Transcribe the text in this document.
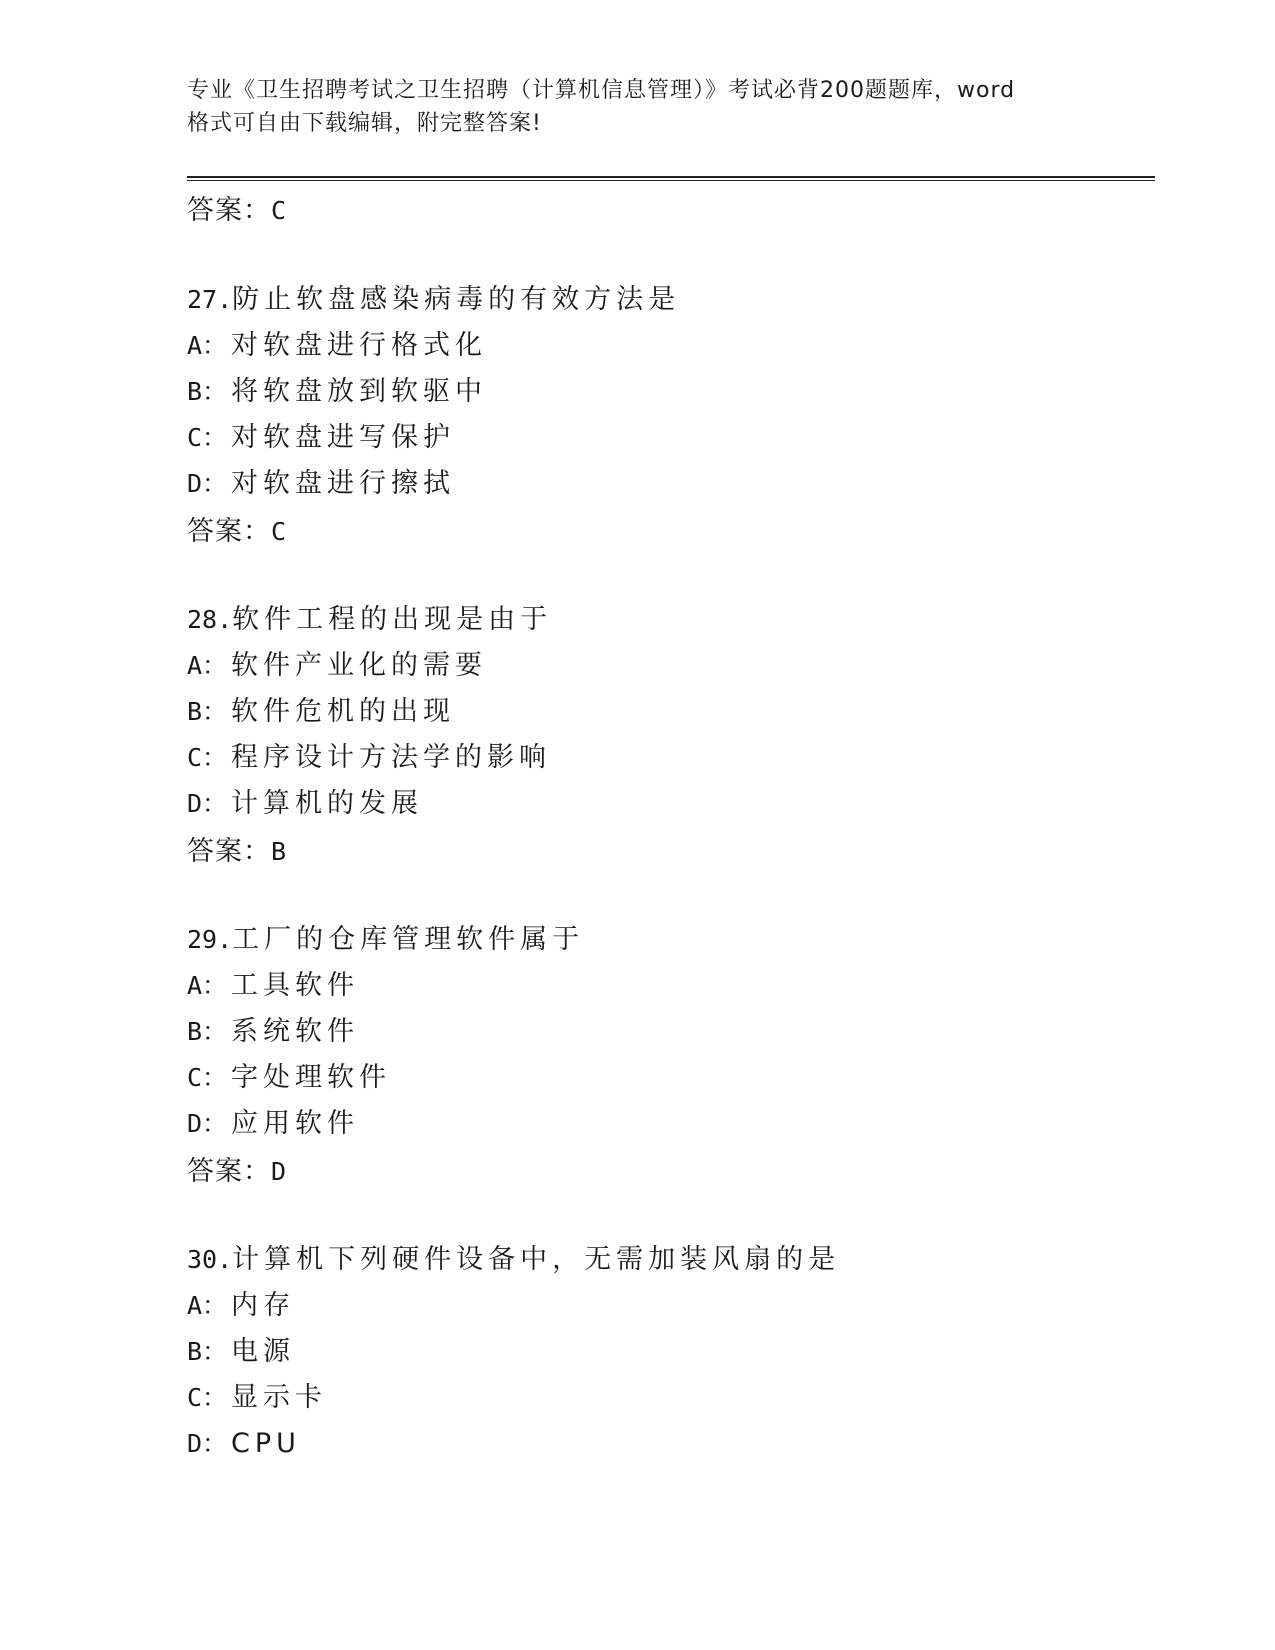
专业《卫生招聘考试之卫生招聘（计算机信息管理）》考试必背200题题库，word
格式可自由下载编辑，附完整答案!
答案：C
27.防止软盘感染病毒的有效方法是
A： 对软盘进行格式化
B： 将软盘放到软驱中
C： 对软盘进写保护
D： 对软盘进行擦拭
答案：C
28.软件工程的出现是由于
A： 软件产业化的需要
B： 软件危机的出现
C： 程序设计方法学的影响
D： 计算机的发展
答案：B
29.工厂的仓库管理软件属于
A： 工具软件
B： 系统软件
C： 字处理软件
D： 应用软件
答案：D
30.计算机下列硬件设备中，无需加装风扇的是
A： 内存
B： 电源
C： 显示卡
D： CPU
